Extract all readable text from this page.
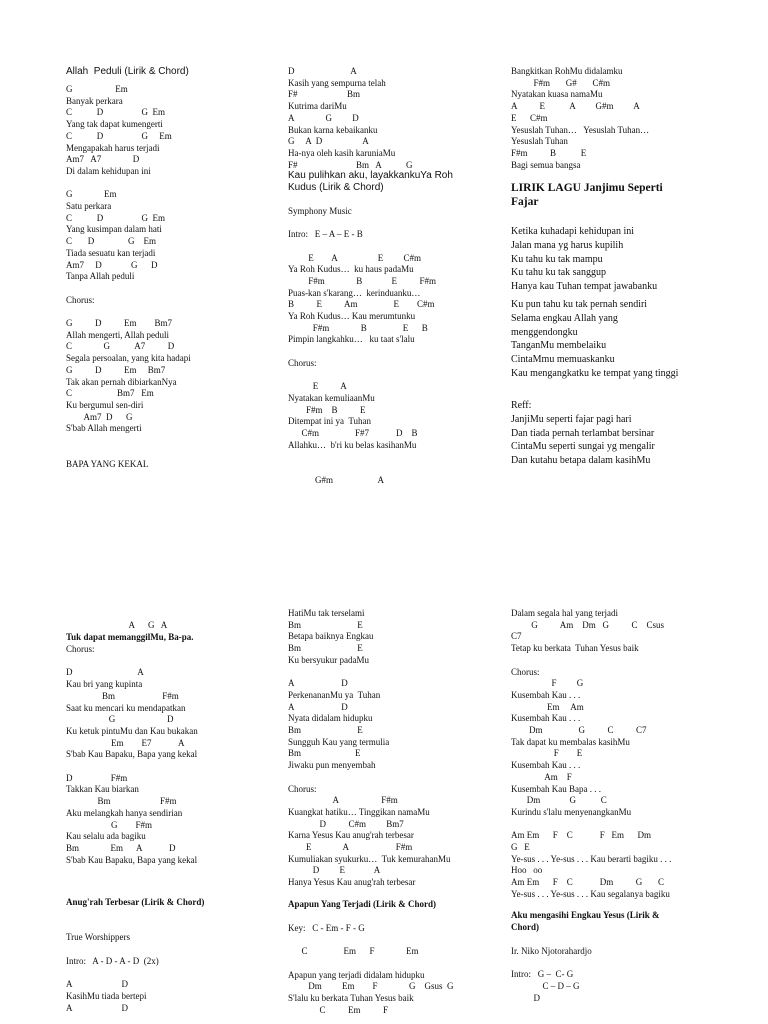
Allah  Peduli (Lirik & Chord)
G                   Em
Banyak perkara
C           D                 G  Em
Yang tak dapat kumengerti
C           D                 G     Em
Mengapakah harus terjadi
Am7   A7              D
Di dalam kehidupan ini

G              Em
Satu perkara
C           D                 G  Em
Yang kusimpan dalam hati
C       D               G    Em
Tiada sesuatu kan terjadi
Am7     D             G      D
Tanpa Allah peduli

Chorus:

G          D          Em        Bm7
Allah mengerti, Allah peduli
C              G           A7          D
Segala persoalan, yang kita hadapi
G          D          Em     Bm7
Tak akan pernah dibiarkanNya
C                    Bm7   Em
Ku bergumul sen-diri
Am7  D      G
S'bab Allah mengerti

BAPA YANG KEKAL
D                         A
Kasih yang sempurna telah
F#                      Bm
Kutrima dariMu
A              G         D
Bukan karna kebaikanku
G     A  D                  A
Ha-nya oleh kasih karuniaMu
F#                          Bm   A           G
Kau pulihkan aku, layakkankuYa Roh
Kudus (Lirik & Chord)

Symphony Music

Intro:   E – A – E - B

E        A                  E         C#m
Ya Roh Kudus…  ku haus padaMu
F#m              B             E          F#m
Puas-kan s'karang…  kerinduanku…
B          E          Am                E        C#m
Ya Roh Kudus… Kau merumtunku
F#m              B                E      B
Pimpin langkahku…   ku taat s'lalu

Chorus:

E          A
Nyatakan kemuliaanMu
F#m    B          E
Ditempat ini ya  Tuhan
C#m                F#7            D    B
Allahku…  b'ri ku belas kasihanMu

G#m                    A
Bangkitkan RohMu didalamku
F#m       G#       C#m
Nyatakan kuasa namaMu
A          E           A         G#m         A
E      C#m
Yesuslah Tuhan…   Yesuslah Tuhan…
Yesuslah Tuhan
F#m          B           E
Bagi semua bangsa
LIRIK LAGU Janjimu Seperti
Fajar
Ketika kuhadapi kehidupan ini
Jalan mana yg harus kupilih
Ku tahu ku tak mampu
Ku tahu ku tak sanggup
Hanya kau Tuhan tempat jawabanku
Ku pun tahu ku tak pernah sendiri
Selama engkau Allah yang
menggendongku
TanganMu membelaiku
CintaMmu memuaskanku
Kau mengangkatku ke tempat yang tinggi
Reff:
JanjiMu seperti fajar pagi hari
Dan tiada pernah terlambat bersinar
CintaMu seperti sungai yg mengalir
Dan kutahu betapa dalam kasihMu
A      G   A
Tuk dapat memanggilMu, Ba-pa.
Chorus:

D                             A
Kau bri yang kupinta
Bm                     F#m
Saat ku mencari ku mendapatkan
G                       D
Ku ketuk pintuMu dan Kau bukakan
Em        E7            A
S'bab Kau Bapaku, Bapa yang kekal

D                 F#m
Takkan Kau biarkan
Bm                      F#m
Aku melangkah hanya sendirian
G        F#m
Kau selalu ada bagiku
Bm              Em      A            D
S'bab Kau Bapaku, Bapa yang kekal
Anug'rah Terbesar (Lirik & Chord)

True Worshippers

Intro:   A - D - A - D  (2x)

A                      D
KasihMu tiada bertepi
A                      D
HatiMu tak terselami
Bm                         E
Betapa baiknya Engkau
Bm                         E
Ku bersyukur padaMu

A                     D
PerkenananMu ya  Tuhan
A                     D
Nyata didalam hidupku
Bm                         E
Sungguh Kau yang termulia
Bm                        E
Jiwaku pun menyembah

Chorus:
A                   F#m
Kuangkat hatiku… Tinggikan namaMu
D          C#m         Bm7
Karna Yesus Kau anug'rah terbesar
E              A                     F#m
Kumuliakan syukurku…  Tuk kemurahanMu
D         E             A
Hanya Yesus Kau anug'rah terbesar
Apapun Yang Terjadi (Lirik & Chord)

Key:   C - Em - F - G

C                Em      F              Em

Apapun yang terjadi didalam hidupku
Dm         Em        F              G    Gsus  G
S'lalu ku berkata Tuhan Yesus baik
C          Em          F
Dalam segala hal yang terjadi
G          Am    Dm   G          C    Csus
C7
Tetap ku berkata  Tuhan Yesus baik

Chorus:
F         G
Kusembah Kau . . .
Em     Am
Kusembah Kau . . .
Dm                G          C          C7
Tak dapat ku membalas kasihMu
F        E
Kusembah Kau . . .
Am    F
Kusembah Kau Bapa . . .
Dm             G           C
Kurindu s'lalu menyenangkanMu

Am Em      F    C            F   Em      Dm
G   E
Ye-sus . . . Ye-sus . . . Kau berarti bagiku . . .
Hoo   oo
Am Em      F    C            Dm          G       C
Ye-sus . . . Ye-sus . . . Kau segalanya bagiku
Aku mengasihi Engkau Yesus (Lirik &
Chord)

Ir. Niko Njotorahardjo

Intro:   G –  C- G
C – D – G
D
